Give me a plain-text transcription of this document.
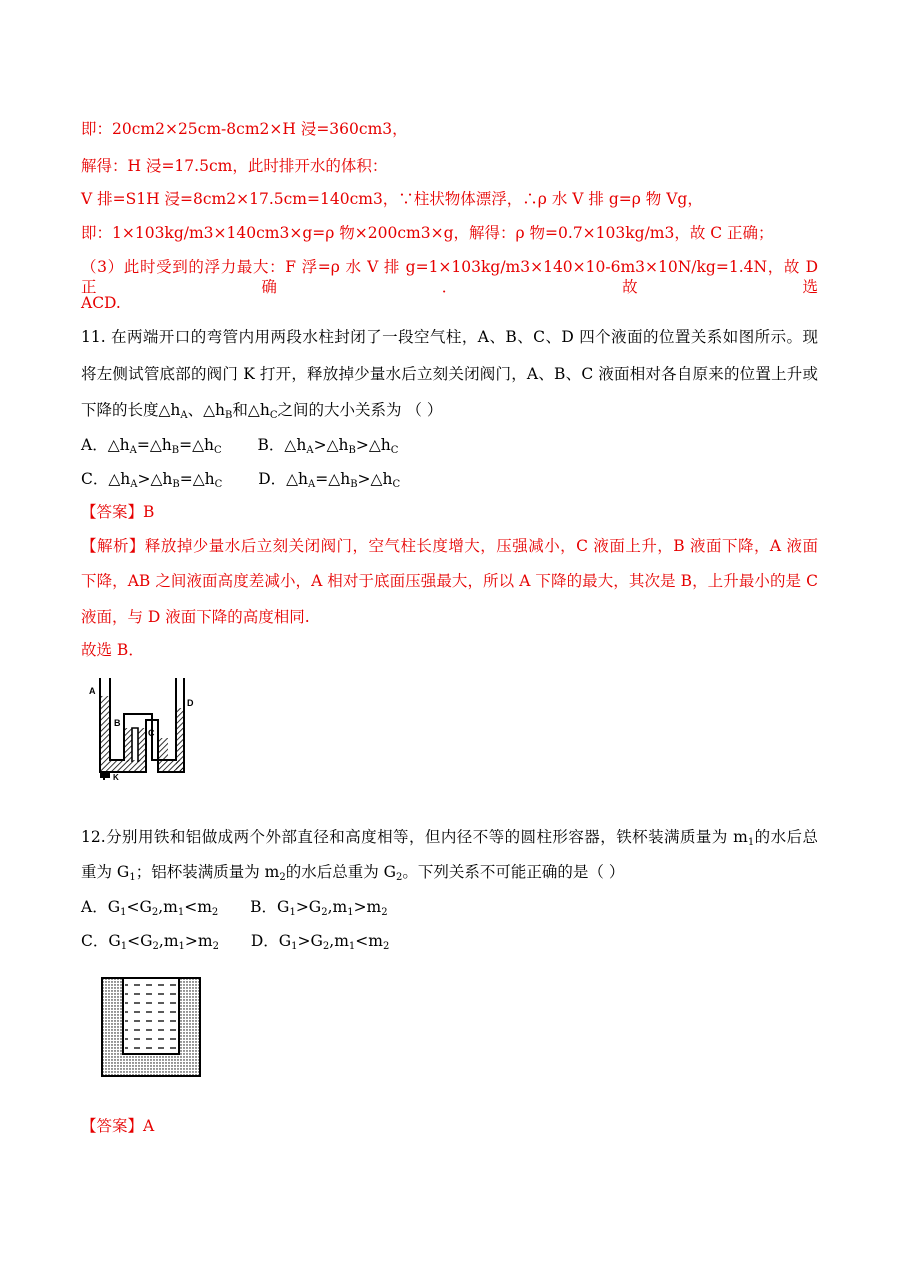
即：20cm2×25cm-8cm2×H 浸=360cm3，
解得：H 浸=17.5cm，此时排开水的体积：
V 排=S1H 浸=8cm2×17.5cm=140cm3，∵柱状物体漂浮，∴ρ 水 V 排 g=ρ 物 Vg，
即：1×103kg/m3×140cm3×g=ρ 物×200cm3×g，解得：ρ 物=0.7×103kg/m3，故 C 正确；
（3）此时受到的浮力最大：F 浮=ρ 水 V 排 g=1×103kg/m3×140×10-6m3×10N/kg=1.4N，故 D 正确．故选
ACD.
11. 在两端开口的弯管内用两段水柱封闭了一段空气柱，A、B、C、D 四个液面的位置关系如图所示。现
将左侧试管底部的阀门 K 打开，释放掉少量水后立刻关闭阀门，A、B、C 液面相对各自原来的位置上升或
下降的长度$\triangle h_A$、$\triangle h_B$和$\triangle h_C$之间的大小关系为 （ ）
A．$\triangle h_A=\triangle h_B=\triangle h_C$ B．$\triangle h_A>\triangle h_B>\triangle h_C$
C．$\triangle h_A>\triangle h_B=\triangle h_C$ D．$\triangle h_A=\triangle h_B>\triangle h_C$
【答案】B
【解析】释放掉少量水后立刻关闭阀门，空气柱长度增大，压强减小，C 液面上升，B 液面下降，A 液面
下降，AB 之间液面高度差减小，A 相对于底面压强最大，所以 A 下降的最大，其次是 B，上升最小的是 C
液面，与 D 液面下降的高度相同.
故选 B．
A
B
C
D
K
12.分别用铁和铝做成两个外部直径和高度相等，但内径不等的圆柱形容器，铁杯装满质量为 $m_1$的水后总
重为 $G_1$；铝杯装满质量为 $m_2$的水后总重为 $G_2$。下列关系不可能正确的是（ ）
A．$G_1<G_2,m_1<m_2$ B．$G_1>G_2,m_1>m_2$
C．$G_1<G_2,m_1>m_2$ D．$G_1>G_2,m_1<m_2$
【答案】A
